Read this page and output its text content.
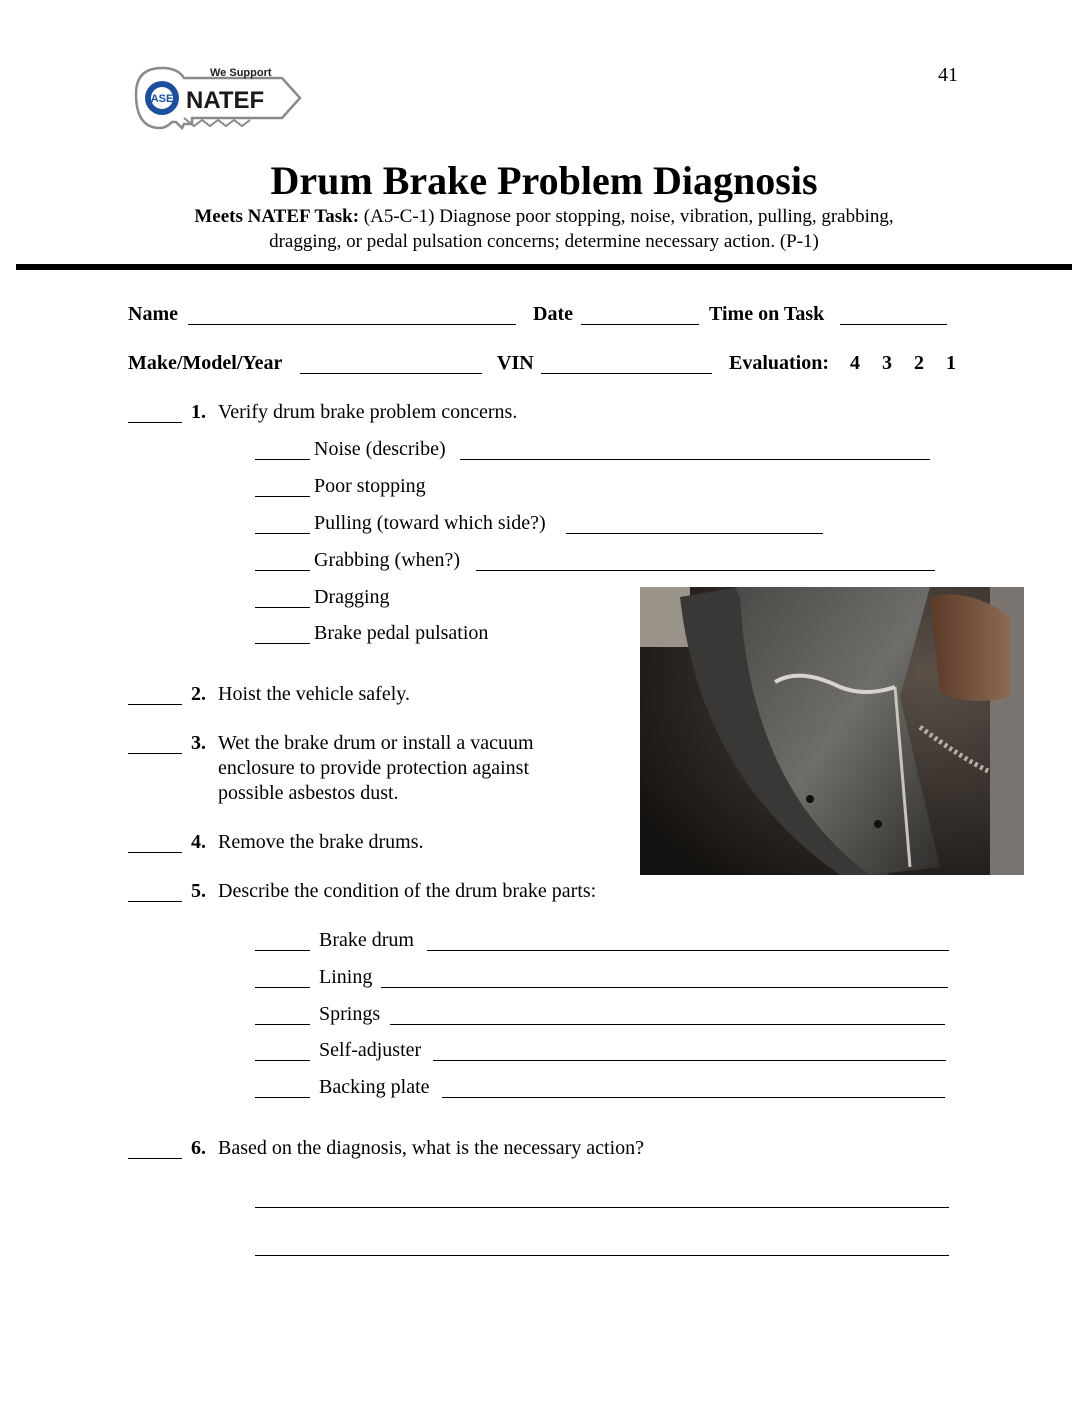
ASE
We Support
NATEF
41
Drum Brake Problem Diagnosis
Meets NATEF Task: (A5-C-1) Diagnose poor stopping, noise, vibration, pulling, grabbing,
dragging, or pedal pulsation concerns; determine necessary action. (P-1)
Name	Date	Time on Task
Make/Model/Year	VIN	Evaluation: 4 3 2 1
1. Verify drum brake problem concerns.
Noise (describe)
Poor stopping
Pulling (toward which side?)
Grabbing (when?)
Dragging
Brake pedal pulsation
2. Hoist the vehicle safely.
3. Wet the brake drum or install a vacuum
enclosure to provide protection against
possible asbestos dust.
4. Remove the brake drums.
5. Describe the condition of the drum brake parts:
Brake drum
Lining
Springs
Self-adjuster
Backing plate
6. Based on the diagnosis, what is the necessary action?
